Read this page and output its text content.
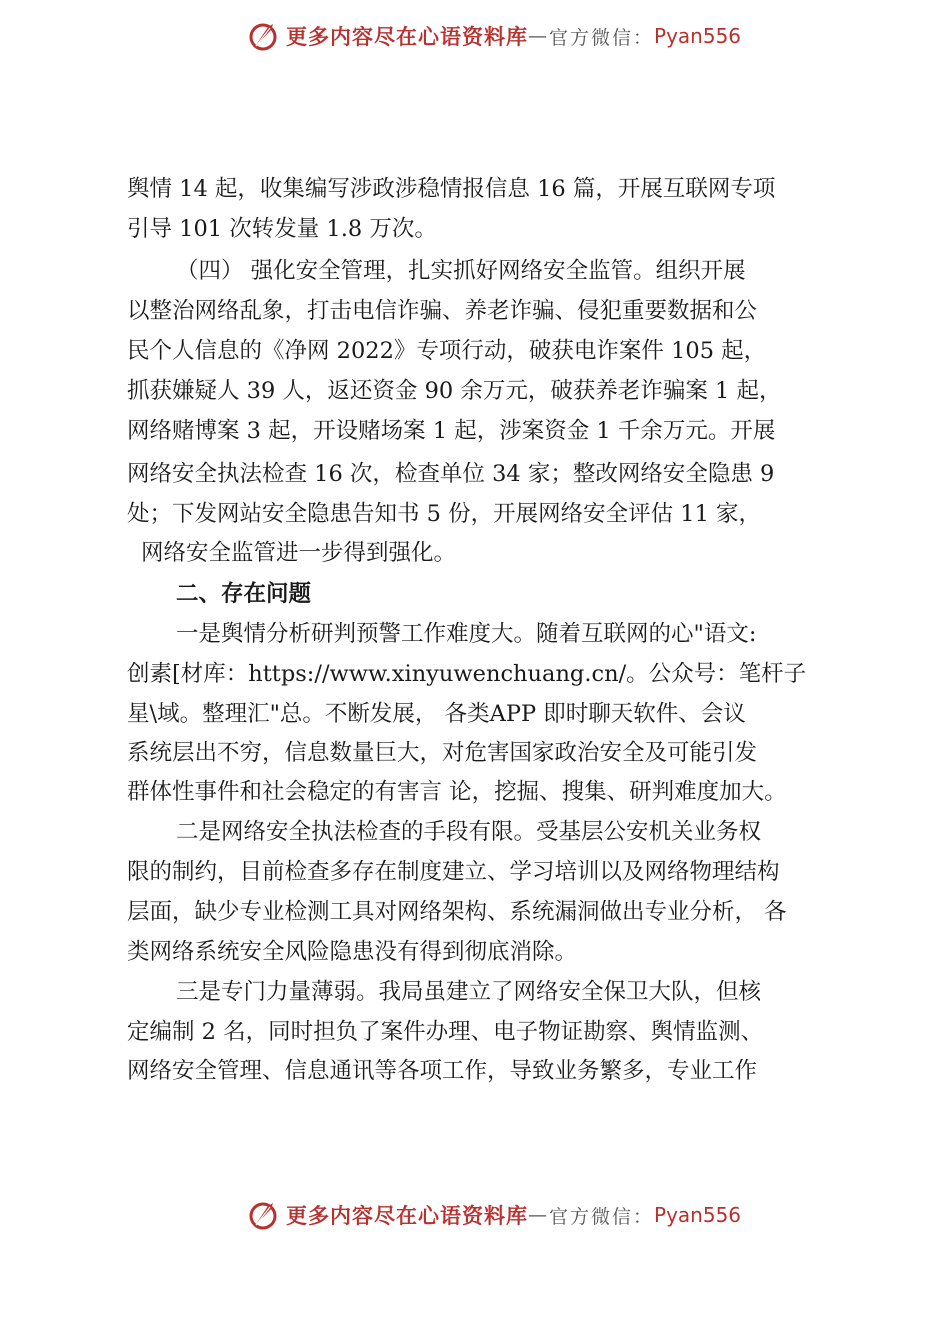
更多内容尽在心语资料库 — 官方微信： Pyan556
舆情 14 起，收集编写涉政涉稳情报信息 16 篇，开展互联网专项
引导 101 次转发量 1.8 万次。
（四） 强化安全管理，扎实抓好网络安全监管。组织开展
以整治网络乱象，打击电信诈骗、养老诈骗、侵犯重要数据和公
民个人信息的《净网 2022》专项行动，破获电诈案件 105 起，
抓获嫌疑人 39 人，返还资金 90 余万元，破获养老诈骗案 1 起，
网络赌博案 3 起，开设赌场案 1 起，涉案资金 1 千余万元。开展
网络安全执法检查 16 次，检查单位 34 家；整改网络安全隐患 9
处；下发网站安全隐患告知书 5 份，开展网络安全评估 11 家，
网络安全监管进一步得到强化。
二、存在问题
一是舆情分析研判预警工作难度大。随着互联网的心"语文:
创素[材库：https://www.xinyuwenchuang.cn/。公众号：笔杆子
星\域。整理汇"总。不断发展， 各类APP 即时聊天软件、会议
系统层出不穷，信息数量巨大，对危害国家政治安全及可能引发
群体性事件和社会稳定的有害言 论，挖掘、搜集、研判难度加大。
二是网络安全执法检查的手段有限。受基层公安机关业务权
限的制约，目前检查多存在制度建立、学习培训以及网络物理结构
层面，缺少专业检测工具对网络架构、系统漏洞做出专业分析， 各
类网络系统安全风险隐患没有得到彻底消除。
三是专门力量薄弱。我局虽建立了网络安全保卫大队，但核
定编制 2 名，同时担负了案件办理、电子物证勘察、舆情监测、
网络安全管理、信息通讯等各项工作，导致业务繁多，专业工作
更多内容尽在心语资料库 — 官方微信： Pyan556
